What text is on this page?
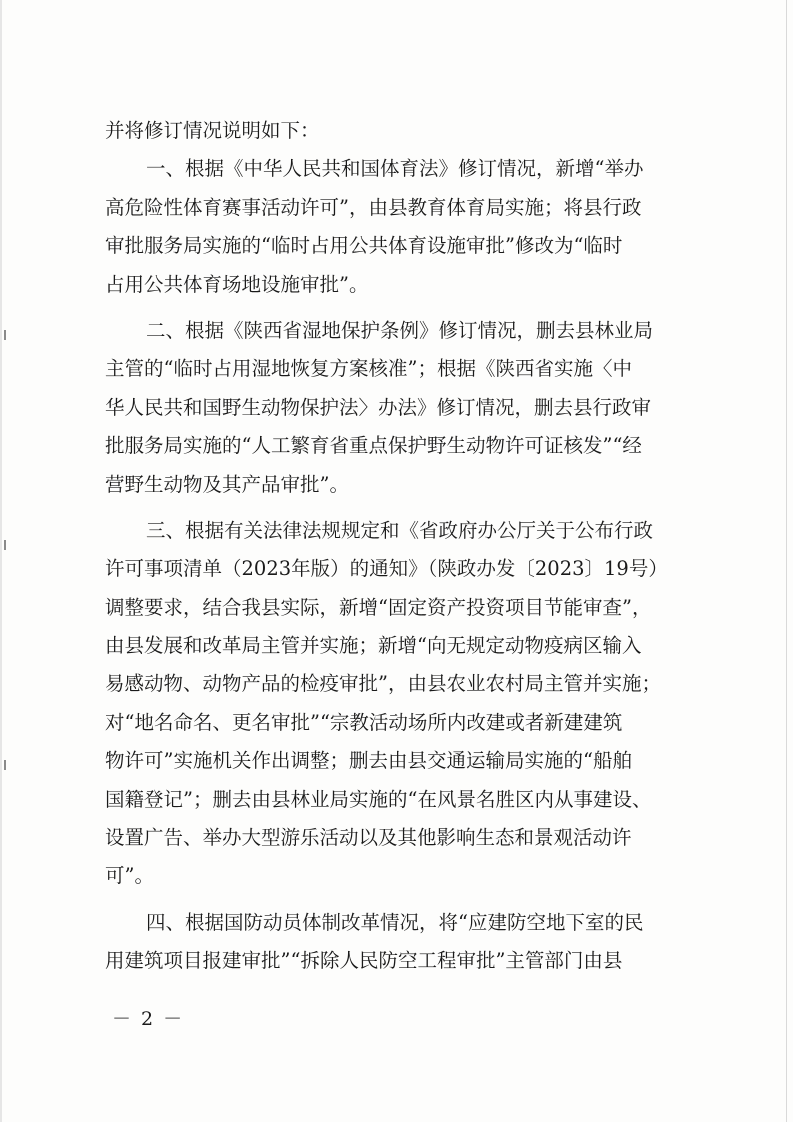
并将修订情况说明如下：
一、根据《中华人民共和国体育法》修订情况，新增“举办
高危险性体育赛事活动许可”，由县教育体育局实施；将县行政
审批服务局实施的“临时占用公共体育设施审批”修改为“临时
占用公共体育场地设施审批”。
二、根据《陕西省湿地保护条例》修订情况，删去县林业局
主管的“临时占用湿地恢复方案核准”；根据《陕西省实施〈中
华人民共和国野生动物保护法〉办法》修订情况，删去县行政审
批服务局实施的“人工繁育省重点保护野生动物许可证核发”“经
营野生动物及其产品审批”。
三、根据有关法律法规规定和《省政府办公厅关于公布行政
许可事项清单（2023年版）的通知》（陕政办发〔2023〕19号）
调整要求，结合我县实际，新增“固定资产投资项目节能审查”，
由县发展和改革局主管并实施；新增“向无规定动物疫病区输入
易感动物、动物产品的检疫审批”，由县农业农村局主管并实施；
对“地名命名、更名审批”“宗教活动场所内改建或者新建建筑
物许可”实施机关作出调整；删去由县交通运输局实施的“船舶
国籍登记”；删去由县林业局实施的“在风景名胜区内从事建设、
设置广告、举办大型游乐活动以及其他影响生态和景观活动许
可”。
四、根据国防动员体制改革情况，将“应建防空地下室的民
用建筑项目报建审批”“拆除人民防空工程审批”主管部门由县
－ 2 －
